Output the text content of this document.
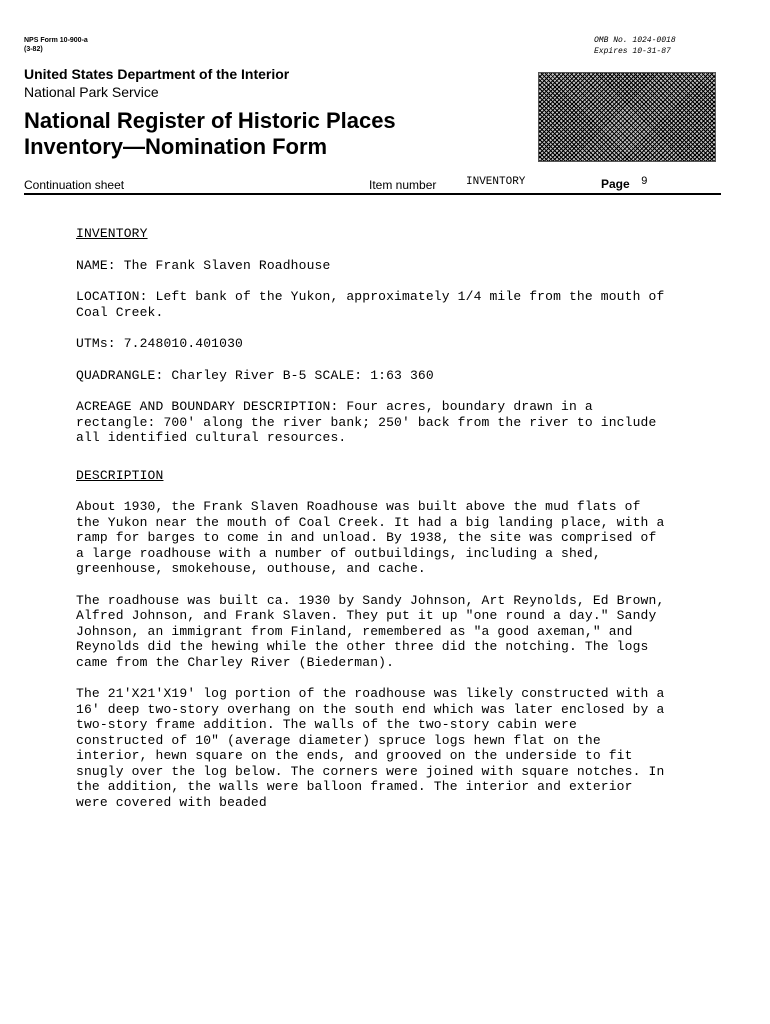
NPS Form 10-900-a
(3-82)
OMB No. 1024-0018
Expires 10-31-87
United States Department of the Interior
National Park Service
National Register of Historic Places
Inventory—Nomination Form
Continuation sheet	Item number	INVENTORY	Page 9
INVENTORY

NAME: The Frank Slaven Roadhouse

LOCATION: Left bank of the Yukon, approximately 1/4 mile from the mouth of Coal Creek.

UTMs: 7.248010.401030

QUADRANGLE: Charley River B-5 SCALE: 1:63 360

ACREAGE AND BOUNDARY DESCRIPTION: Four acres, boundary drawn in a rectangle: 700' along the river bank; 250' back from the river to include all identified cultural resources.

DESCRIPTION

About 1930, the Frank Slaven Roadhouse was built above the mud flats of the Yukon near the mouth of Coal Creek. It had a big landing place, with a ramp for barges to come in and unload. By 1938, the site was comprised of a large roadhouse with a number of outbuildings, including a shed, greenhouse, smokehouse, outhouse, and cache.

The roadhouse was built ca. 1930 by Sandy Johnson, Art Reynolds, Ed Brown, Alfred Johnson, and Frank Slaven. They put it up "one round a day." Sandy Johnson, an immigrant from Finland, remembered as "a good axeman," and Reynolds did the hewing while the other three did the notching. The logs came from the Charley River (Biederman).

The 21'X21'X19' log portion of the roadhouse was likely constructed with a 16' deep two-story overhang on the south end which was later enclosed by a two-story frame addition. The walls of the two-story cabin were constructed of 10" (average diameter) spruce logs hewn flat on the interior, hewn square on the ends, and grooved on the underside to fit snugly over the log below. The corners were joined with square notches. In the addition, the walls were balloon framed. The interior and exterior were covered with beaded
